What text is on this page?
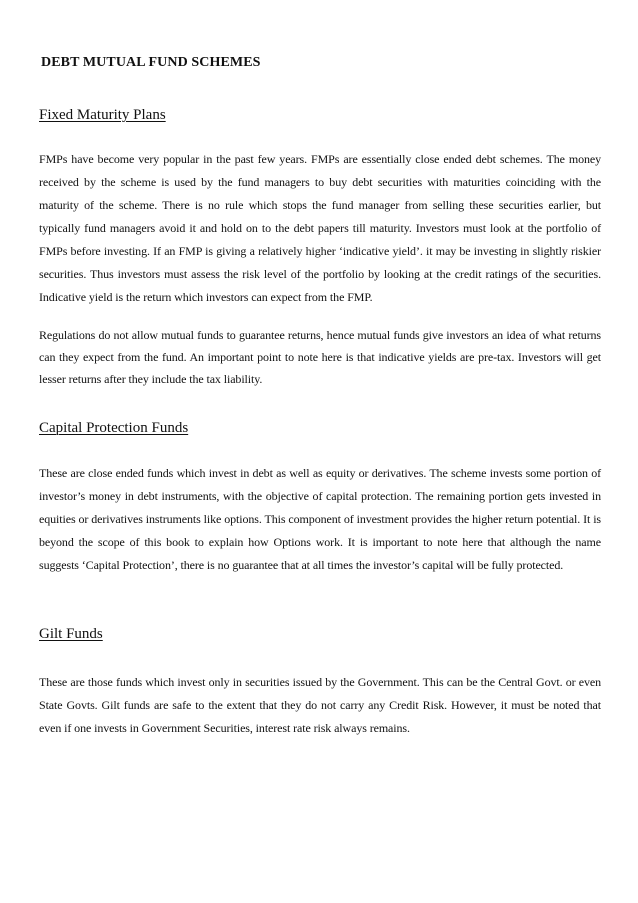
DEBT MUTUAL FUND SCHEMES
Fixed Maturity Plans

FMPs have become very popular in the past few years. FMPs are essentially close ended debt schemes. The money received by the scheme is used by the fund managers to buy debt securities with maturities coinciding with the maturity of the scheme. There is no rule which stops the fund manager from selling these securities earlier, but typically fund managers avoid it and hold on to the debt papers till maturity. Investors must look at the portfolio of FMPs before investing. If an FMP is giving a relatively higher ‘indicative yield’. it may be investing in slightly riskier securities. Thus investors must assess the risk level of the portfolio by looking at the credit ratings of the securities. Indicative yield is the return which investors can expect from the FMP.

Regulations do not allow mutual funds to guarantee returns, hence mutual funds give investors an idea of what returns can they expect from the fund. An important point to note here is that indicative yields are pre-tax. Investors will get lesser returns after they include the tax liability.

Capital Protection Funds

These are close ended funds which invest in debt as well as equity or derivatives. The scheme invests some portion of investor’s money in debt instruments, with the objective of capital protection. The remaining portion gets invested in equities or derivatives instruments like options. This component of investment provides the higher return potential. It is beyond the scope of this book to explain how Options work. It is important to note here that although the name suggests ‘Capital Protection’, there is no guarantee that at all times the investor’s capital will be fully protected.

Gilt Funds

These are those funds which invest only in securities issued by the Government. This can be the Central Govt. or even State Govts. Gilt funds are safe to the extent that they do not carry any Credit Risk. However, it must be noted that even if one invests in Government Securities, interest rate risk always remains.
